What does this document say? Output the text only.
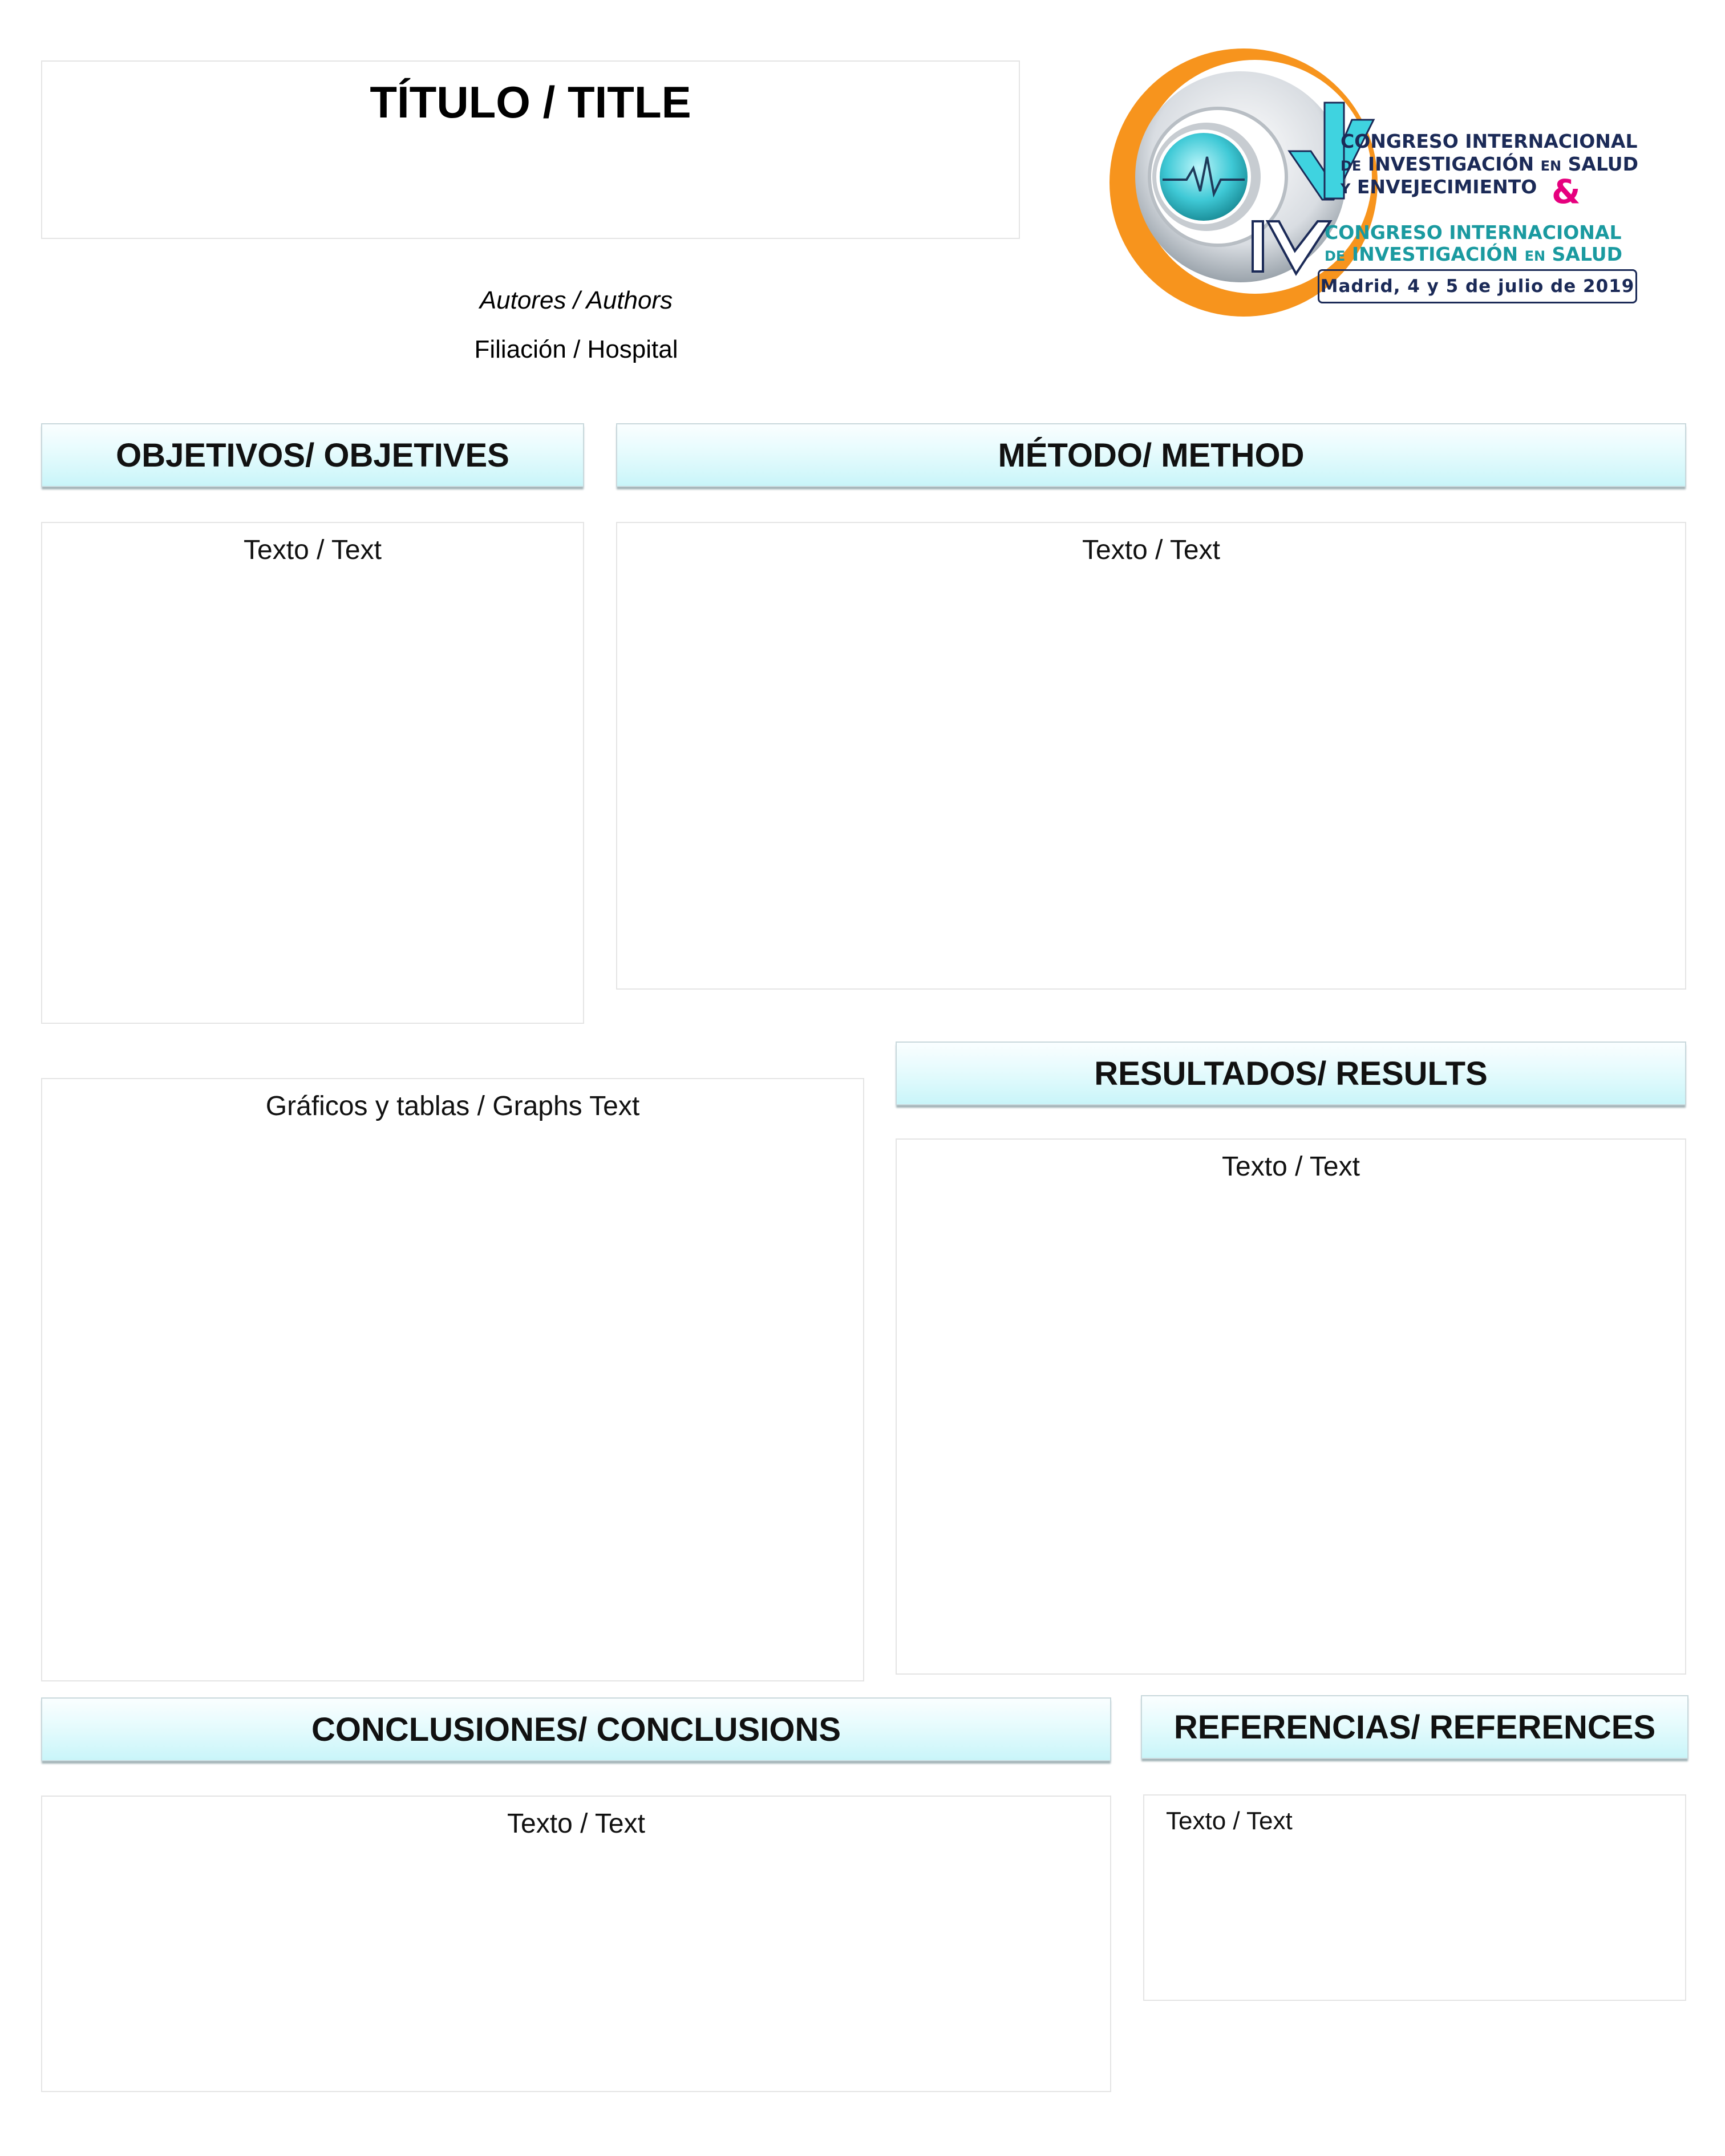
TÍTULO / TITLE
Autores / Authors
Filiación / Hospital
CONGRESO INTERNACIONAL
DE INVESTIGACIÓN EN SALUD
Y ENVEJECIMIENTO &
CONGRESO INTERNACIONAL
DE INVESTIGACIÓN EN SALUD
Madrid, 4 y 5 de julio de 2019
OBJETIVOS/ OBJETIVES
Texto / Text
MÉTODO/ METHOD
Texto / Text
Gráficos y tablas / Graphs Text
RESULTADOS/ RESULTS
Texto / Text
CONCLUSIONES/ CONCLUSIONS
Texto / Text
REFERENCIAS/ REFERENCES
Texto / Text
